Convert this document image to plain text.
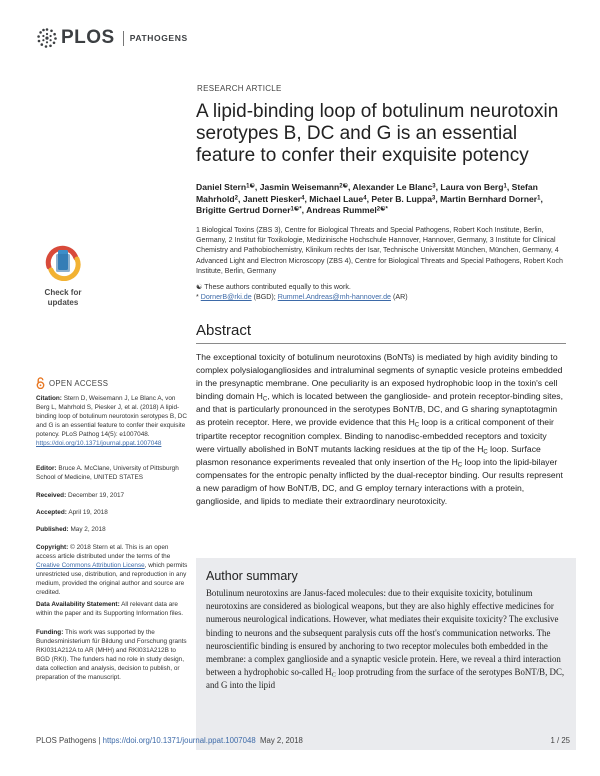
PLOS PATHOGENS
RESEARCH ARTICLE
A lipid-binding loop of botulinum neurotoxin serotypes B, DC and G is an essential feature to confer their exquisite potency
Daniel Stern$^{1☯}$, Jasmin Weisemann$^{2☯}$, Alexander Le Blanc$^3$, Laura von Berg$^1$, Stefan Mahrhold$^2$, Janett Piesker$^4$, Michael Laue$^4$, Peter B. Luppa$^3$, Martin Bernhard Dorner$^1$, Brigitte Gertrud Dorner$^{1☯*}$, Andreas Rummel$^{2☯*}$
1 Biological Toxins (ZBS 3), Centre for Biological Threats and Special Pathogens, Robert Koch Institute, Berlin, Germany, 2 Institut für Toxikologie, Medizinische Hochschule Hannover, Hannover, Germany, 3 Institute for Clinical Chemistry and Pathobiochemistry, Klinikum rechts der Isar, Technische Universität München, München, Germany, 4 Advanced Light and Electron Microscopy (ZBS 4), Centre for Biological Threats and Special Pathogens, Robert Koch Institute, Berlin, Germany
☯ These authors contributed equally to this work.
* DornerB@rki.de (BGD); Rummel.Andreas@mh-hannover.de (AR)
Check for
updates
Abstract
The exceptional toxicity of botulinum neurotoxins (BoNTs) is mediated by high avidity binding to complex polysialogangliosides and intraluminal segments of synaptic vesicle proteins embedded in the presynaptic membrane. One peculiarity is an exposed hydrophobic loop in the toxin's cell binding domain $H_C$, which is located between the ganglioside- and protein receptor-binding sites, and that is particularly pronounced in the serotypes BoNT/B, DC, and G sharing synaptotagmin as protein receptor. Here, we provide evidence that this $H_C$ loop is a critical component of their tripartite receptor recognition complex. Binding to nanodisc-embedded receptors and toxicity were virtually abolished in BoNT mutants lacking residues at the tip of the $H_C$ loop. Surface plasmon resonance experiments revealed that only insertion of the $H_C$ loop into the lipid-bilayer compensates for the entropic penalty inflicted by the dual-receptor binding. Our results represent a new paradigm of how BoNT/B, DC, and G employ ternary interactions with a protein, ganglioside, and lipids to mediate their extraordinary neurotoxicity.
OPEN ACCESS
Citation: Stern D, Weisemann J, Le Blanc A, von Berg L, Mahrhold S, Piesker J, et al. (2018) A lipid-binding loop of botulinum neurotoxin serotypes B, DC and G is an essential feature to confer their exquisite potency. PLoS Pathog 14(5): e1007048. https://doi.org/10.1371/journal.ppat.1007048
Editor: Bruce A. McClane, University of Pittsburgh School of Medicine, UNITED STATES
Received: December 19, 2017
Accepted: April 19, 2018
Published: May 2, 2018
Copyright: © 2018 Stern et al. This is an open access article distributed under the terms of the Creative Commons Attribution License, which permits unrestricted use, distribution, and reproduction in any medium, provided the original author and source are credited.
Data Availability Statement: All relevant data are within the paper and its Supporting Information files.
Funding: This work was supported by the Bundesministerium für Bildung und Forschung grants RKI031A212A to AR (MHH) and RKI031A212B to BGD (RKI). The funders had no role in study design, data collection and analysis, decision to publish, or preparation of the manuscript.
Author summary
Botulinum neurotoxins are Janus-faced molecules: due to their exquisite toxicity, botulinum neurotoxins are considered as biological weapons, but they are also highly effective medicines for numerous neurological indications. However, what mediates their exquisite toxicity? The exclusive binding to neurons and the subsequent paralysis cuts off the host's communication networks. The neuroscientific binding is ensured by anchoring to two receptor molecules both embedded in the membrane: a complex ganglioside and a synaptic vesicle protein. Here, we reveal a third interaction between a hydrophobic so-called $H_C$ loop protruding from the surface of the serotypes BoNT/B, DC, and G into the lipid
PLOS Pathogens | https://doi.org/10.1371/journal.ppat.1007048  May 2, 2018	1 / 25
